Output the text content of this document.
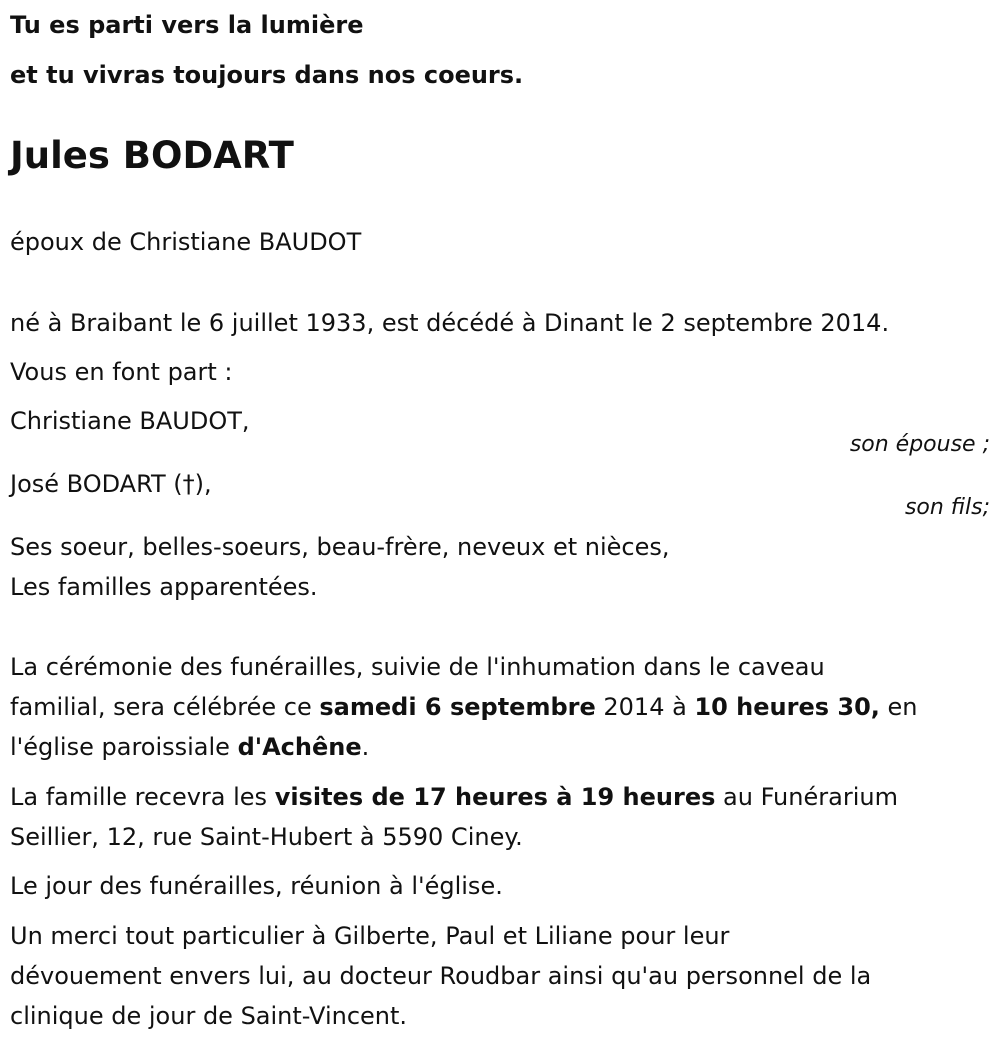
Tu es parti vers la lumière
et tu vivras toujours dans nos coeurs.
Jules BODART
époux de Christiane BAUDOT
né à Braibant le 6 juillet 1933, est décédé à Dinant le 2 septembre 2014.
Vous en font part :
Christiane BAUDOT,
son épouse ;
José BODART (†),
son fils;
Ses soeur, belles-soeurs, beau-frère, neveux et nièces,
Les familles apparentées.
La cérémonie des funérailles, suivie de l'inhumation dans le caveau
familial, sera célébrée ce samedi 6 septembre 2014 à 10 heures 30, en
l'église paroissiale d'Achêne.
La famille recevra les visites de 17 heures à 19 heures au Funérarium
Seillier, 12, rue Saint-Hubert à 5590 Ciney.
Le jour des funérailles, réunion à l'église.
Un merci tout particulier à Gilberte, Paul et Liliane pour leur
dévouement envers lui, au docteur Roudbar ainsi qu'au personnel de la
clinique de jour de Saint-Vincent.
